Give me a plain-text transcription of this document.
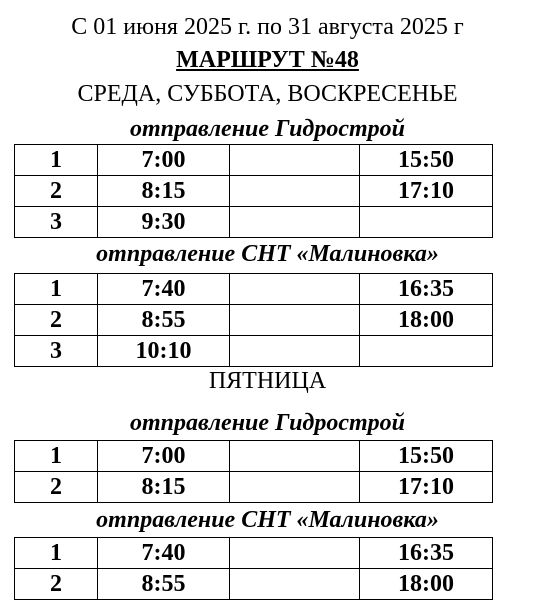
С 01 июня 2025 г. по 31 августа 2025 г
МАРШРУТ №48
СРЕДА, СУББОТА, ВОСКРЕСЕНЬЕ
отправление Гидрострой
1	7:00		15:50
2	8:15		17:10
3	9:30		
отправление СНТ «Малиновка»
1	7:40		16:35
2	8:55		18:00
3	10:10		
ПЯТНИЦА
отправление Гидрострой
1	7:00		15:50
2	8:15		17:10
отправление СНТ «Малиновка»
1	7:40		16:35
2	8:55		18:00
